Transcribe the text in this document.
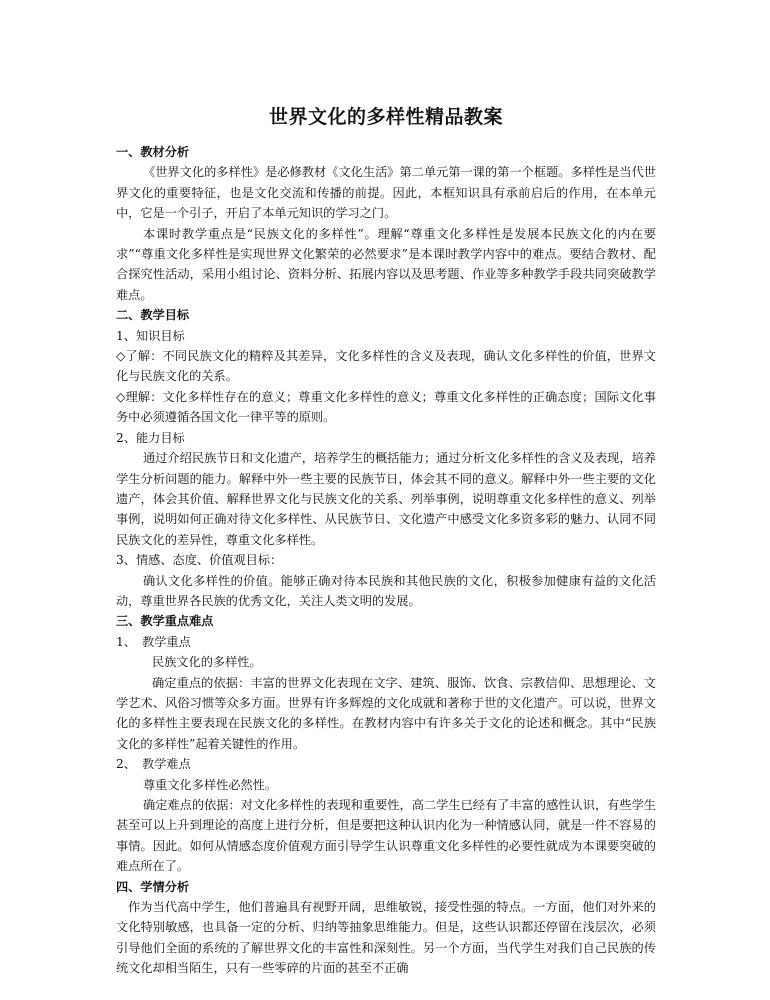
世界文化的多样性精品教案

一、教材分析

《世界文化的多样性》是必修教材《文化生活》第二单元第一课的第一个框题。多样性是当代世界文化的重要特征，也是文化交流和传播的前提。因此，本框知识具有承前启后的作用，在本单元中，它是一个引子，开启了本单元知识的学习之门。

本课时教学重点是“民族文化的多样性”。理解“尊重文化多样性是发展本民族文化的内在要求”“尊重文化多样性是实现世界文化繁荣的必然要求”是本课时教学内容中的难点。要结合教材、配合探究性活动，采用小组讨论、资料分析、拓展内容以及思考题、作业等多种教学手段共同突破教学难点。

二、教学目标

1、知识目标

◇了解：不同民族文化的精粹及其差异，文化多样性的含义及表现，确认文化多样性的价值，世界文化与民族文化的关系。

◇理解：文化多样性存在的意义；尊重文化多样性的意义；尊重文化多样性的正确态度；国际文化事务中必须遵循各国文化一律平等的原则。

2、能力目标

通过介绍民族节日和文化遗产，培养学生的概括能力；通过分析文化多样性的含义及表现，培养学生分析问题的能力。解释中外一些主要的民族节日，体会其不同的意义。解释中外一些主要的文化遗产，体会其价值、解释世界文化与民族文化的关系、列举事例，说明尊重文化多样性的意义、列举事例，说明如何正确对待文化多样性、从民族节日、文化遗产中感受文化多资多彩的魅力、认同不同民族文化的差异性，尊重文化多样性。

3、情感、态度、价值观目标：

确认文化多样性的价值。能够正确对待本民族和其他民族的文化，积极参加健康有益的文化活动，尊重世界各民族的优秀文化，关注人类文明的发展。

三、教学重点难点

1、　教学重点

民族文化的多样性。

确定重点的依据：丰富的世界文化表现在文字、建筑、服饰、饮食、宗教信仰、思想理论、文学艺术、风俗习惯等众多方面。世界有许多辉煌的文化成就和著称于世的文化遗产。可以说，世界文化的多样性主要表现在民族文化的多样性。在教材内容中有许多关于文化的论述和概念。其中“民族文化的多样性”起着关键性的作用。

2、　教学难点

尊重文化多样性必然性。

确定难点的依据：对文化多样性的表现和重要性，高二学生已经有了丰富的感性认识，有些学生甚至可以上升到理论的高度上进行分析，但是要把这种认识内化为一种情感认同，就是一件不容易的事情。因此。如何从情感态度价值观方面引导学生认识尊重文化多样性的必要性就成为本课要突破的难点所在了。

四、学情分析

作为当代高中学生，他们普遍具有视野开阔，思维敏锐，接受性强的特点。一方面，他们对外来的文化特别敏感，也具备一定的分析、归纳等抽象思维能力。但是，这些认识都还停留在浅层次，必须引导他们全面的系统的了解世界文化的丰富性和深刻性。另一个方面，当代学生对我们自己民族的传统文化却相当陌生，只有一些零碎的片面的甚至不正确
